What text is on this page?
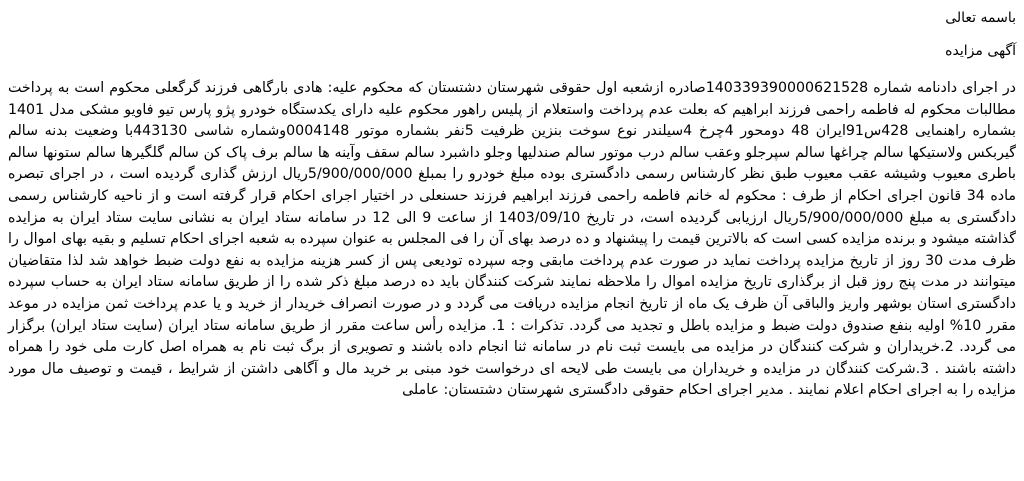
باسمه تعالی

آگهی مزایده

در اجرای دادنامه شماره 140339390000621528صادره ازشعبه اول حقوقی شهرستان دشتستان که محکوم علیه: هادی بارگاهی فرزند گرگعلی محکوم است به پرداخت مطالبات محکوم له فاطمه راحمی فرزند ابراهیم که بعلت عدم پرداخت واستعلام از پلیس راهور محکوم علیه دارای یکدستگاه خودرو پژو پارس تیو فاویو مشکی مدل 1401 بشماره راهنمایی 428س91ایران 48 دومحور 4چرخ 4سیلندر نوع سوخت بنزین ظرفیت 5نفر بشماره موتور 0004148وشماره شاسی 443130با وضعیت بدنه سالم گیربکس ولاستیکها سالم چراغها سالم سپرجلو وعقب سالم درب موتور سالم صندلیها وجلو داشبرد سالم سقف وآینه ها سالم برف پاک کن سالم گلگیرها سالم ستونها سالم باطری معیوب وشیشه عقب معیوب طبق نظر کارشناس رسمی دادگستری بوده مبلغ خودرو را بمبلغ 5/900/000/000ریال ارزش گذاری گردیده است ، در اجرای تبصره ماده 34 قانون اجرای احکام از طرف : محکوم له خانم فاطمه راحمی فرزند ابراهیم فرزند حسنعلی در اختیار اجرای احکام قرار گرفته است و از ناحیه کارشناس رسمی دادگستری به مبلغ 5/900/000/000ریال ارزیابی گردیده است، در تاریخ 1403/09/10 از ساعت 9 الی 12 در سامانه ستاد ایران به نشانی سایت ستاد ایران به مزایده گذاشته میشود و برنده مزایده کسی است که بالاترین قیمت را پیشنهاد و ده درصد بهای آن را فی المجلس به عنوان سپرده به شعبه اجرای احکام تسلیم و بقیه بهای اموال را ظرف مدت 30 روز از تاریخ مزایده پرداخت نماید در صورت عدم پرداخت مابقی وجه سپرده تودیعی پس از کسر هزینه مزایده به نفع دولت ضبط خواهد شد لذا متقاضیان میتوانند در مدت پنج روز قبل از برگذاری تاریخ مزایده اموال را ملاحظه نمایند شرکت کنندگان باید ده درصد مبلغ ذکر شده را از طریق سامانه ستاد ایران به حساب سپرده دادگستری استان بوشهر واریز والباقی آن ظرف یک ماه از تاریخ انجام مزایده دریافت می گردد و در صورت انصراف خریدار از خرید و یا عدم پرداخت ثمن مزایده در موعد مقرر 10% اولیه بنفع صندوق دولت ضبط و مزایده باطل و تجدید می گردد. تذکرات : 1. مزایده رأس ساعت مقرر از طریق سامانه ستاد ایران (سایت ستاد ایران) برگزار می گردد. 2.خریداران و شرکت کنندگان در مزایده می بایست ثبت نام در سامانه ثنا انجام داده باشند و تصویری از برگ ثبت نام به همراه اصل کارت ملی خود را همراه داشته باشند . 3.شرکت کنندگان در مزایده و خریداران می بایست طی لایحه ای درخواست خود مبنی بر خرید مال و آگاهی داشتن از شرایط ، قیمت و توصیف مال مورد مزایده را به اجرای احکام اعلام نمایند . مدیر اجرای احکام حقوقی دادگستری شهرستان دشتستان: عاملی
